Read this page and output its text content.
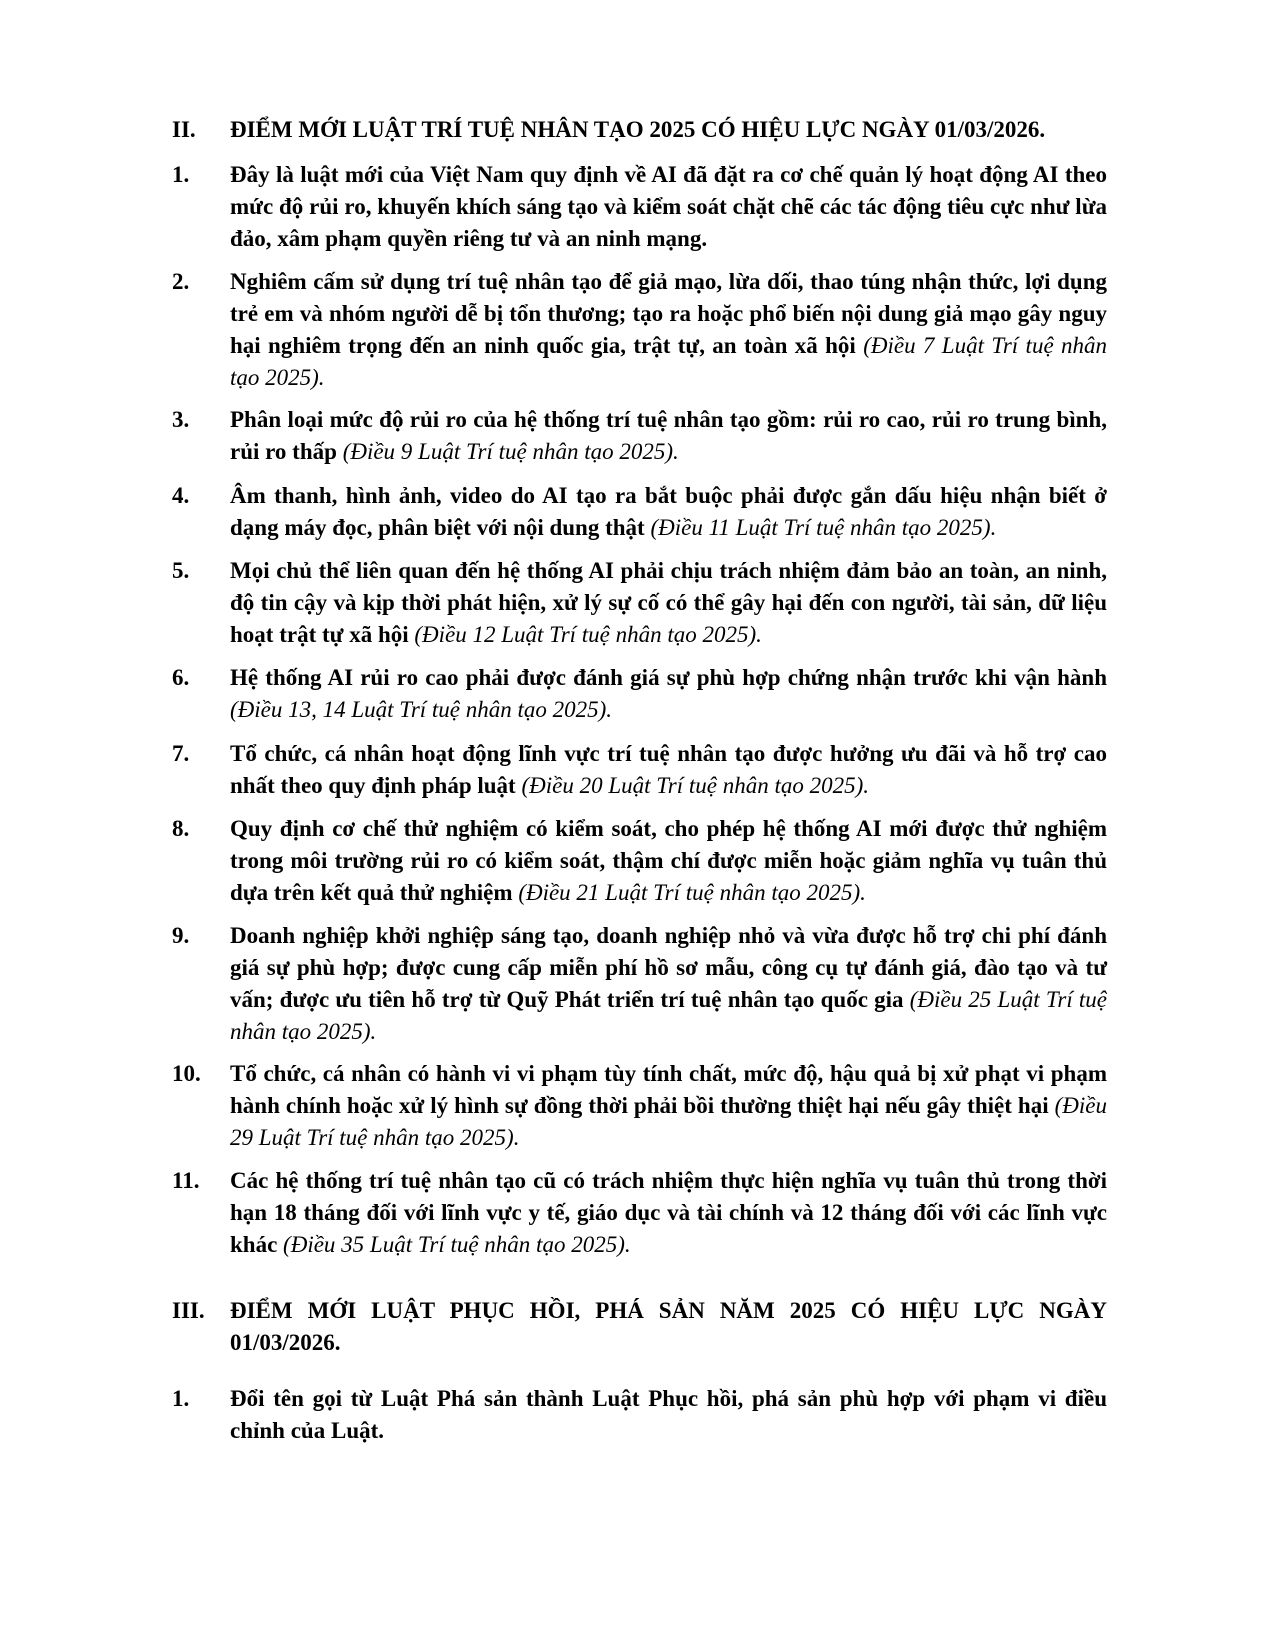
II. ĐIỂM MỚI LUẬT TRÍ TUỆ NHÂN TẠO 2025 CÓ HIỆU LỰC NGÀY 01/03/2026.
1. Đây là luật mới của Việt Nam quy định về AI đã đặt ra cơ chế quản lý hoạt động AI theo mức độ rủi ro, khuyến khích sáng tạo và kiểm soát chặt chẽ các tác động tiêu cực như lừa đảo, xâm phạm quyền riêng tư và an ninh mạng.
2. Nghiêm cấm sử dụng trí tuệ nhân tạo để giả mạo, lừa dối, thao túng nhận thức, lợi dụng trẻ em và nhóm người dễ bị tổn thương; tạo ra hoặc phổ biến nội dung giả mạo gây nguy hại nghiêm trọng đến an ninh quốc gia, trật tự, an toàn xã hội (Điều 7 Luật Trí tuệ nhân tạo 2025).
3. Phân loại mức độ rủi ro của hệ thống trí tuệ nhân tạo gồm: rủi ro cao, rủi ro trung bình, rủi ro thấp (Điều 9 Luật Trí tuệ nhân tạo 2025).
4. Âm thanh, hình ảnh, video do AI tạo ra bắt buộc phải được gắn dấu hiệu nhận biết ở dạng máy đọc, phân biệt với nội dung thật (Điều 11 Luật Trí tuệ nhân tạo 2025).
5. Mọi chủ thể liên quan đến hệ thống AI phải chịu trách nhiệm đảm bảo an toàn, an ninh, độ tin cậy và kịp thời phát hiện, xử lý sự cố có thể gây hại đến con người, tài sản, dữ liệu hoạt trật tự xã hội (Điều 12 Luật Trí tuệ nhân tạo 2025).
6. Hệ thống AI rủi ro cao phải được đánh giá sự phù hợp chứng nhận trước khi vận hành (Điều 13, 14 Luật Trí tuệ nhân tạo 2025).
7. Tổ chức, cá nhân hoạt động lĩnh vực trí tuệ nhân tạo được hưởng ưu đãi và hỗ trợ cao nhất theo quy định pháp luật (Điều 20 Luật Trí tuệ nhân tạo 2025).
8. Quy định cơ chế thử nghiệm có kiểm soát, cho phép hệ thống AI mới được thử nghiệm trong môi trường rủi ro có kiểm soát, thậm chí được miễn hoặc giảm nghĩa vụ tuân thủ dựa trên kết quả thử nghiệm (Điều 21 Luật Trí tuệ nhân tạo 2025).
9. Doanh nghiệp khởi nghiệp sáng tạo, doanh nghiệp nhỏ và vừa được hỗ trợ chi phí đánh giá sự phù hợp; được cung cấp miễn phí hồ sơ mẫu, công cụ tự đánh giá, đào tạo và tư vấn; được ưu tiên hỗ trợ từ Quỹ Phát triển trí tuệ nhân tạo quốc gia (Điều 25 Luật Trí tuệ nhân tạo 2025).
10. Tổ chức, cá nhân có hành vi vi phạm tùy tính chất, mức độ, hậu quả bị xử phạt vi phạm hành chính hoặc xử lý hình sự đồng thời phải bồi thường thiệt hại nếu gây thiệt hại (Điều 29 Luật Trí tuệ nhân tạo 2025).
11. Các hệ thống trí tuệ nhân tạo cũ có trách nhiệm thực hiện nghĩa vụ tuân thủ trong thời hạn 18 tháng đối với lĩnh vực y tế, giáo dục và tài chính và 12 tháng đối với các lĩnh vực khác (Điều 35 Luật Trí tuệ nhân tạo 2025).
III. ĐIỂM MỚI LUẬT PHỤC HỒI, PHÁ SẢN NĂM 2025 CÓ HIỆU LỰC NGÀY 01/03/2026.
1. Đổi tên gọi từ Luật Phá sản thành Luật Phục hồi, phá sản phù hợp với phạm vi điều chỉnh của Luật.
